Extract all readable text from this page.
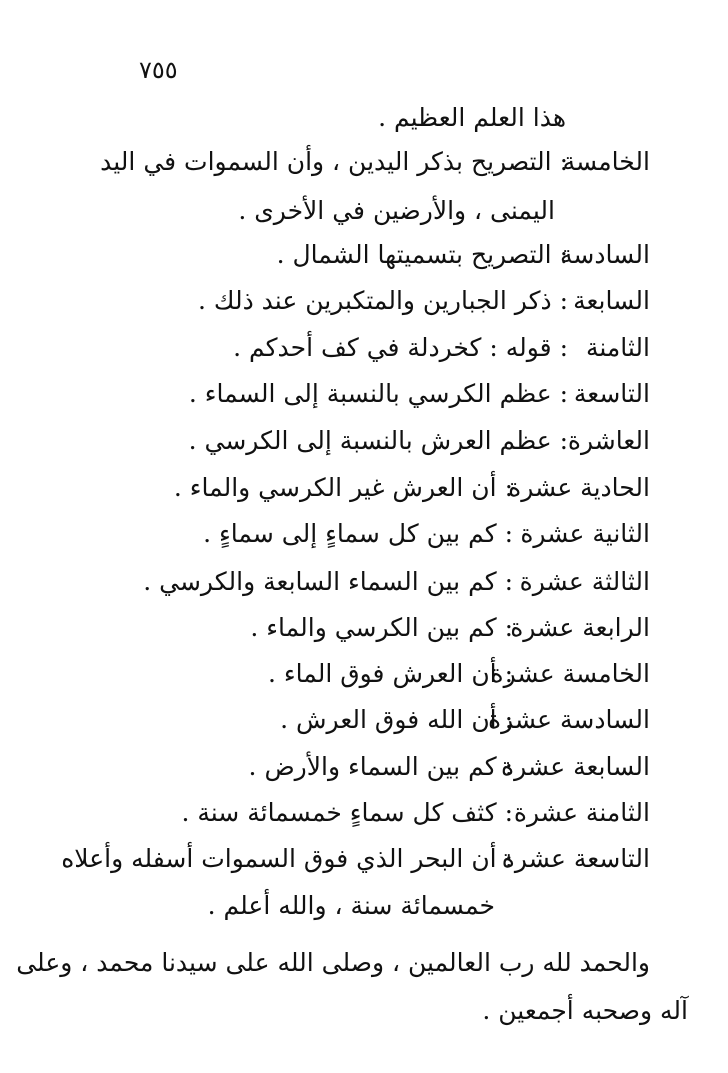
٧٥٥
هذا العلم العظيم .
الخامسة
: التصريح بذكر اليدين ، وأن السموات في اليد
اليمنى ، والأرضين في الأخرى .
السادسة
: التصريح بتسميتها الشمال .
السابعة
: ذكر الجبارين والمتكبرين عند ذلك .
الثامنة
: قوله : كخردلة في كف أحدكم .
التاسعة
: عظم الكرسي بالنسبة إلى السماء .
العاشرة
: عظم العرش بالنسبة إلى الكرسي .
الحادية عشرة
: أن العرش غير الكرسي والماء .
الثانية عشرة
: كم بين كل سماءٍ إلى سماءٍ .
الثالثة عشرة
: كم بين السماء السابعة والكرسي .
الرابعة عشرة
: كم بين الكرسي والماء .
الخامسة عشرة
: أن العرش فوق الماء .
السادسة عشرة
: أن الله فوق العرش .
السابعة عشرة
: كم بين السماء والأرض .
الثامنة عشرة
: كثف كل سماءٍ خمسمائة سنة .
التاسعة عشرة
: أن البحر الذي فوق السموات أسفله وأعلاه
خمسمائة سنة ، والله أعلم .
والحمد لله رب العالمين ، وصلى الله على سيدنا محمد ، وعلى
آله وصحبه أجمعين .
